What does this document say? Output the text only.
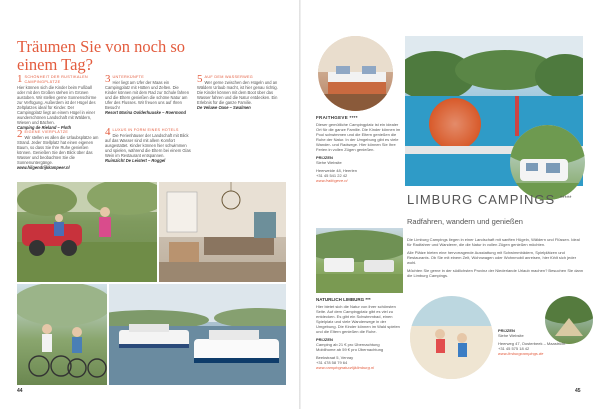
Träumen Sie von noch so einem Tag?
1 SCHÖNHEIT DER RUSTIKALEN CAMPINGPLÄTZE
Hier können sich die Kinder beim Fußball oder mit den Großen stehen im Grünen austoben. Wir stellen gerne Sonnenschirme zur Verfügung. Außerdem ist der Hügel des Zeltplatzes ideal für Kinder. Der Campingplatz liegt an einem Hügel in einer wunderschönen Landschaft mit Wäldern, Wiesen und Bächen.
Camping de Rieland – Ploth
2 EIGENE VIERPLÄTZE
Wir stellen es allen die Urlaubsplätze am Strand. Jeder Stellplatz hat einen eigenen Baum, so dass Sie Ihre Ruhe genießen können. Genießen Sie den Blick über das Wasser und beobachten Sie die Sonnenuntergänge.
www.hilgendrijkkampeer.nl
3 UNTERKÜNFTE
Hier liegt am Ufer der Maas ein Campingplatz mit Hütten und Zelten. Die Kinder können mit dem Rad zur Schule fahren und die Eltern genießen die schöne Natur am Ufer des Flusses. Wir freuen uns auf Ihren Besuch!
Resort Marina Oolderhuuske – Roermond
4 LUXUS IN FORM EINES HOTELS
Die Ferienhäuser der Landschaft mit Blick auf das Wasser sind mit allem Komfort ausgestattet. Kinder können hier schwimmen und spielen, während die Eltern bei einem Glas Wein im Restaurant entspannen.
Ruimzicht De Leistert – Roggel
5 AUF DEM WASSERWEG
Wer gerne zwischen den Hügeln und an Wäldern Urlaub macht, ist hier genau richtig. Die Kinder können mit dem Boot über das Wasser fahren und die Natur entdecken. Ein Erlebnis für die ganze Familie.
De Veluwe Oase – Swalmen
44
FRAITHGEVE ****
Dieser gemütliche Campingplatz ist ein idealer Ort für die ganze Familie. Die Kinder können im Pool schwimmen und die Eltern genießen die Ruhe der Natur. In der Umgebung gibt es viele Wander- und Radwege. Hier können Sie Ihre Ferien in vollen Zügen genießen.
PRIJZEN
Siehe Website
Heerweide 48, Heerlen
+31 45 541 22 42
www.fraithgeve.nl
LIMBURG CAMPINGS *****
Radfahren, wandern und genießen

Die Limburg Campings liegen in einer Landschaft mit sanften Hügeln, Wäldern und Flüssen. Ideal für Radfahrer und Wanderer, die die Natur in vollen Zügen genießen möchten.

Alle Plätze bieten eine hervorragende Ausstattung mit Schwimmbädern, Spielplätzen und Restaurants. Ob Sie mit einem Zelt, Wohnwagen oder Wohnmobil anreisen, hier fühlt sich jeder wohl.

Möchten Sie gerne in der südlichsten Provinz der Niederlande Urlaub machen? Besuchen Sie dann die Limburg Campings.

NATURLICH LIMBURG ***
Hier bietet sich die Natur von ihrer schönsten Seite. Auf dem Campingplatz gibt es viel zu entdecken. Es gibt ein Schwimmbad, einen Spielplatz und viele Wanderwege in der Umgebung. Die Kinder können im Wald spielen und die Eltern genießen die Ruhe.
PRIJZEN
Camping ab 21 € pro Übernachtung
Mobilhome ab 59 € pro Übernachtung
Beekstraat 5, Venray
+31 478 58 79 64
www.campingnatuurlijklimburg.nl
PRIJZEN
Siehe Website
Heerweg 47, Oosterbeek – Maastricht
+31 45 575 18 42
www.limburgcampings.de
45
